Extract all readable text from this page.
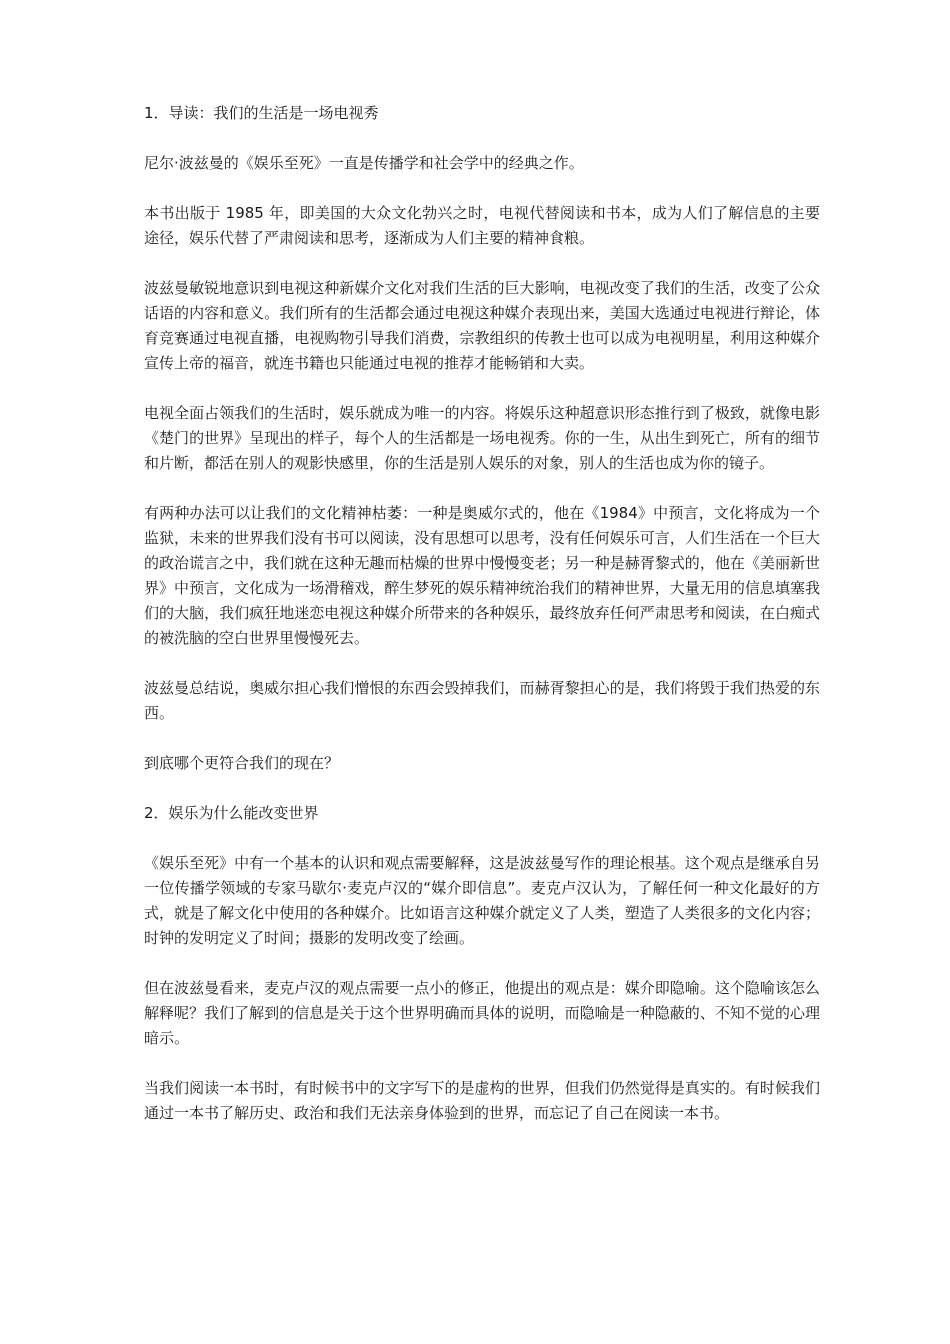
1．导读：我们的生活是一场电视秀

尼尔·波兹曼的《娱乐至死》一直是传播学和社会学中的经典之作。

本书出版于 1985 年，即美国的大众文化勃兴之时，电视代替阅读和书本，成为人们了解信息的主要途径，娱乐代替了严肃阅读和思考，逐渐成为人们主要的精神食粮。

波兹曼敏锐地意识到电视这种新媒介文化对我们生活的巨大影响，电视改变了我们的生活，改变了公众话语的内容和意义。我们所有的生活都会通过电视这种媒介表现出来，美国大选通过电视进行辩论，体育竞赛通过电视直播，电视购物引导我们消费，宗教组织的传教士也可以成为电视明星，利用这种媒介宣传上帝的福音，就连书籍也只能通过电视的推荐才能畅销和大卖。

电视全面占领我们的生活时，娱乐就成为唯一的内容。将娱乐这种超意识形态推行到了极致，就像电影《楚门的世界》呈现出的样子，每个人的生活都是一场电视秀。你的一生，从出生到死亡，所有的细节和片断，都活在别人的观影快感里，你的生活是别人娱乐的对象，别人的生活也成为你的镜子。

有两种办法可以让我们的文化精神枯萎：一种是奥威尔式的，他在《1984》中预言，文化将成为一个监狱，未来的世界我们没有书可以阅读，没有思想可以思考，没有任何娱乐可言，人们生活在一个巨大的政治谎言之中，我们就在这种无趣而枯燥的世界中慢慢变老；另一种是赫胥黎式的，他在《美丽新世界》中预言，文化成为一场滑稽戏，醉生梦死的娱乐精神统治我们的精神世界，大量无用的信息填塞我们的大脑，我们疯狂地迷恋电视这种媒介所带来的各种娱乐，最终放弃任何严肃思考和阅读，在白痴式的被洗脑的空白世界里慢慢死去。

波兹曼总结说，奥威尔担心我们憎恨的东西会毁掉我们，而赫胥黎担心的是，我们将毁于我们热爱的东西。

到底哪个更符合我们的现在？

2．娱乐为什么能改变世界

《娱乐至死》中有一个基本的认识和观点需要解释，这是波兹曼写作的理论根基。这个观点是继承自另一位传播学领域的专家马歇尔·麦克卢汉的“媒介即信息”。麦克卢汉认为，了解任何一种文化最好的方式，就是了解文化中使用的各种媒介。比如语言这种媒介就定义了人类，塑造了人类很多的文化内容；时钟的发明定义了时间；摄影的发明改变了绘画。

但在波兹曼看来，麦克卢汉的观点需要一点小的修正，他提出的观点是：媒介即隐喻。这个隐喻该怎么解释呢？我们了解到的信息是关于这个世界明确而具体的说明，而隐喻是一种隐蔽的、不知不觉的心理暗示。

当我们阅读一本书时，有时候书中的文字写下的是虚构的世界，但我们仍然觉得是真实的。有时候我们通过一本书了解历史、政治和我们无法亲身体验到的世界，而忘记了自己在阅读一本书。
